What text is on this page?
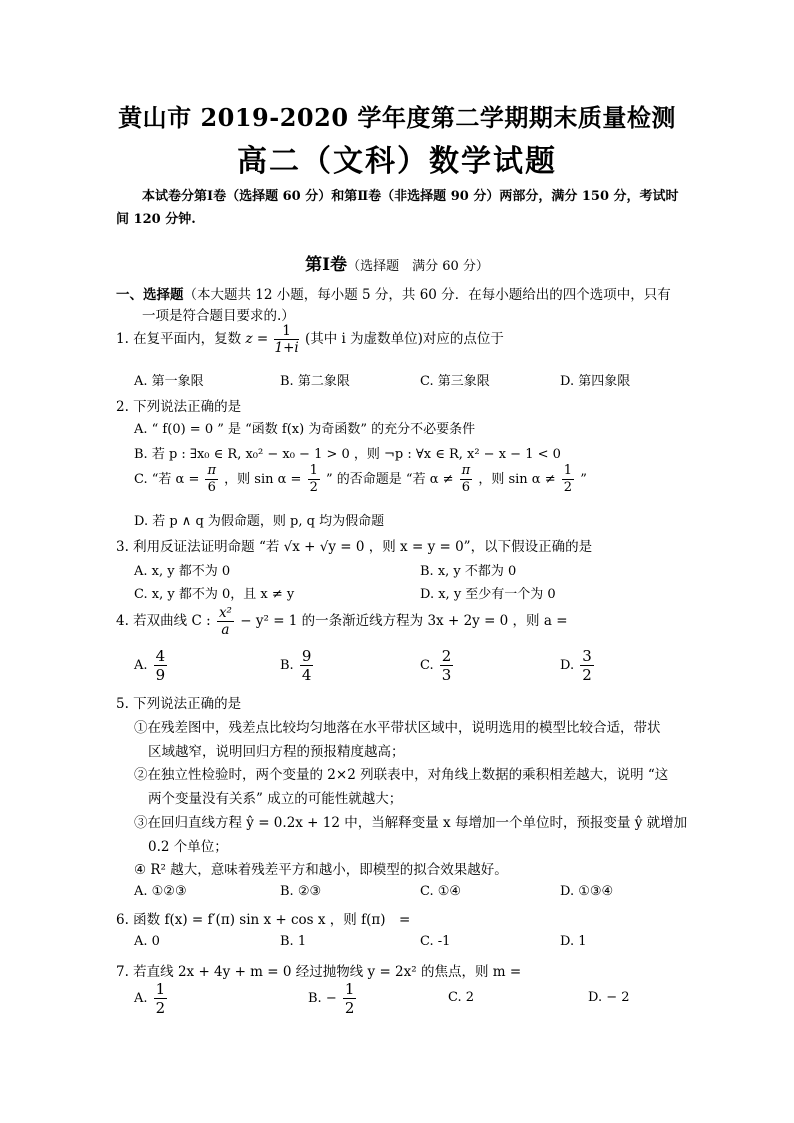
黄山市 2019-2020 学年度第二学期期末质量检测
高二（文科）数学试题
本试卷分第Ⅰ卷（选择题 60 分）和第Ⅱ卷（非选择题 90 分）两部分，满分 150 分，考试时间 120 分钟.
第Ⅰ卷（选择题　满分 60 分）
一、选择题（本大题共 12 小题，每小题 5 分，共 60 分．在每小题给出的四个选项中，只有
一项是符合题目要求的.）
1. 在复平面内，复数 $z = \frac{1}{1+i}$ (其中 i 为虚数单位)对应的点位于
A. 第一象限	B. 第二象限	C. 第三象限	D. 第四象限
2. 下列说法正确的是
A. “ f(0) = 0 ” 是 “函数 f(x) 为奇函数” 的充分不必要条件
B. 若 p : ∃x₀ ∈ R, x₀² − x₀ − 1 > 0 ，则 ¬p : ∀x ∈ R, x² − x − 1 < 0
C. “若 $\alpha = \frac{\pi}{6}$ ，则 $\sin \alpha = \frac{1}{2}$ ” 的否命题是 “若 $\alpha \ne \frac{\pi}{6}$ ，则 $\sin \alpha \ne \frac{1}{2}$ ”
D. 若 p ∧ q 为假命题，则 p, q 均为假命题
3. 利用反证法证明命题 “若 √x + √y = 0 ，则 x = y = 0”，以下假设正确的是
A. x, y 都不为 0	B. x, y 不都为 0
C. x, y 都不为 0，且 x ≠ y	D. x, y 至少有一个为 0
4. 若双曲线 C : $\frac{\text{x²}}{a} - y^2 = 1$ 的一条渐近线方程为 3x + 2y = 0 ，则 a =
A. $\frac{4}{9}$	B. $\frac{9}{4}$	C. $\frac{2}{3}$	D. $\frac{3}{2}$
5. 下列说法正确的是
①在残差图中，残差点比较均匀地落在水平带状区域中，说明选用的模型比较合适，带状
区域越窄，说明回归方程的预报精度越高；
②在独立性检验时，两个变量的 2×2 列联表中，对角线上数据的乘积相差越大，说明 “这
两个变量没有关系” 成立的可能性就越大；
③在回归直线方程 ŷ = 0.2x + 12 中，当解释变量 x 每增加一个单位时，预报变量 ŷ 就增加
0.2 个单位；
④ R² 越大，意味着残差平方和越小，即模型的拟合效果越好。
A. ①②③	B. ②③	C. ①④	D. ①③④
6. 函数 f(x) = f′(π) sin x + cos x ，则 f(π)　=
A. 0	B. 1	C. -1	D. 1
7. 若直线 2x + 4y + m = 0 经过抛物线 y = 2x² 的焦点，则 m =
A. $\frac{1}{2}$	B. − $\frac{1}{2}$	C. 2	D. − 2
